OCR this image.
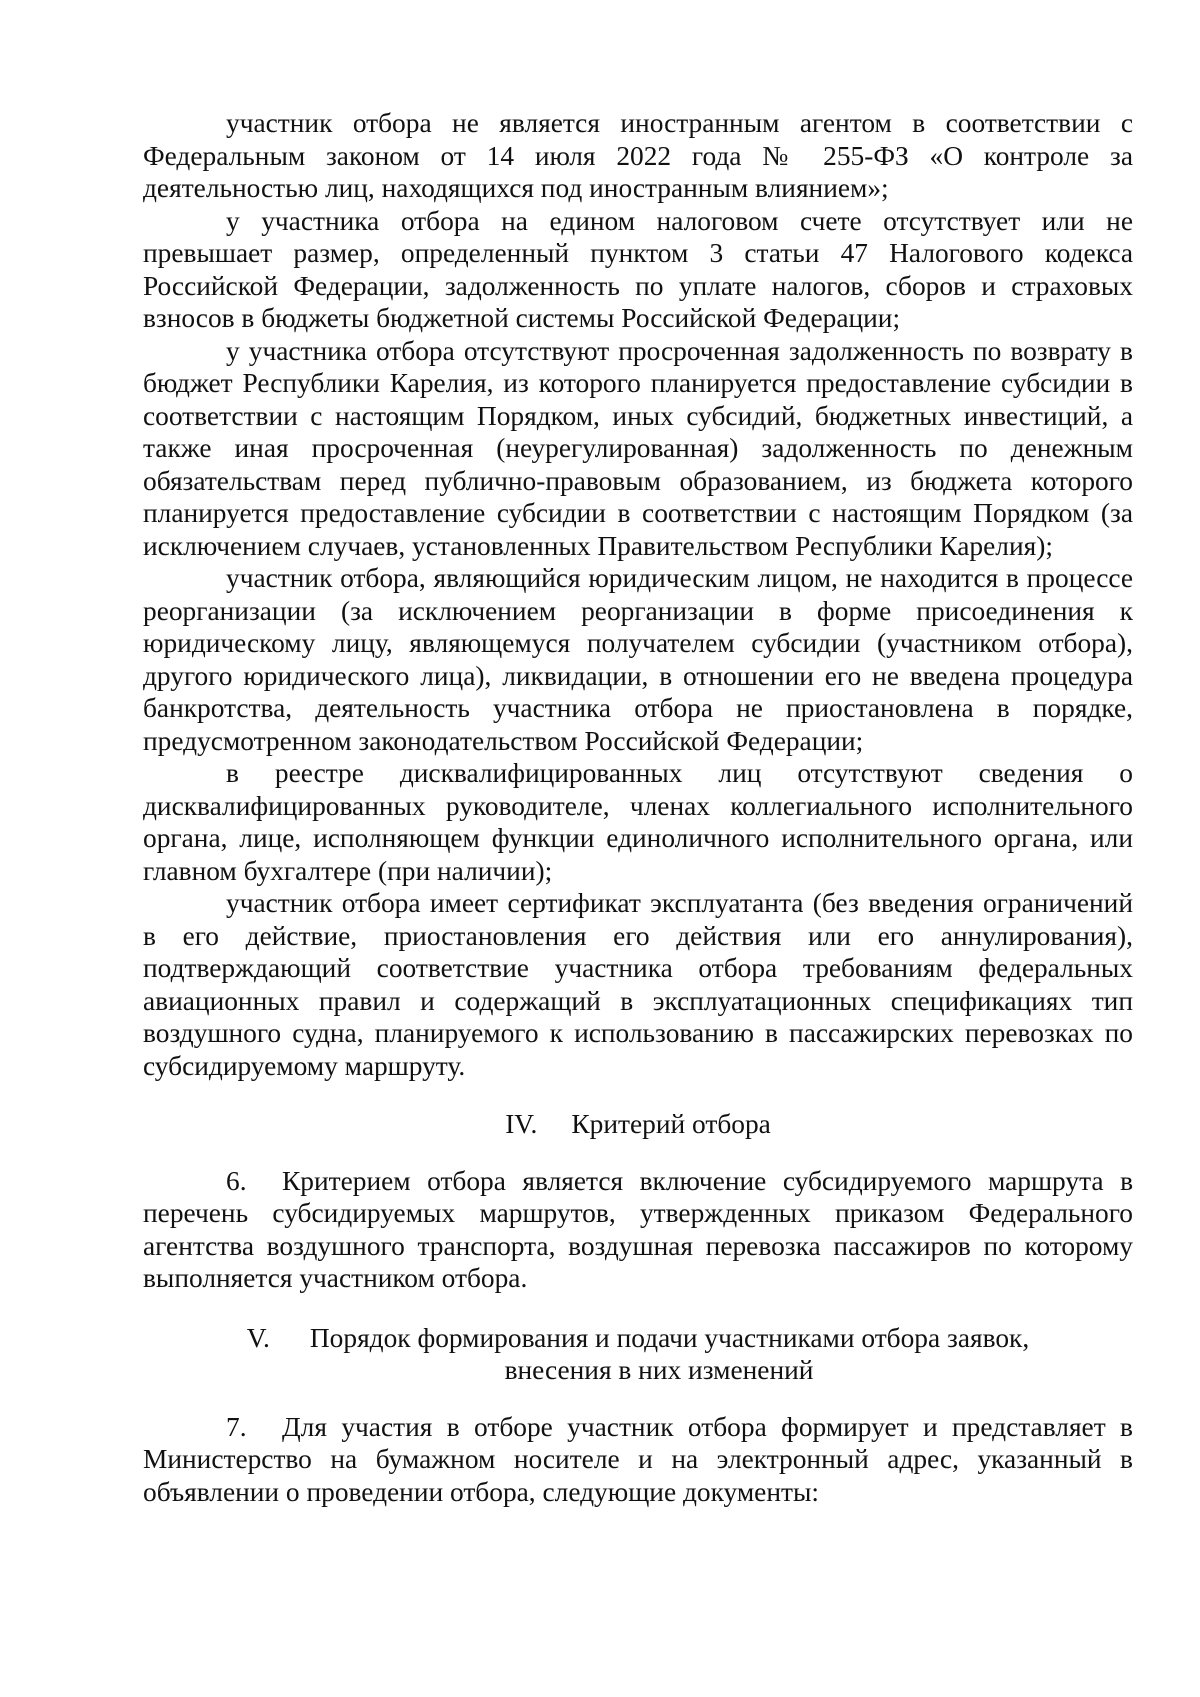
участник отбора не является иностранным агентом в соответствии с Федеральным законом от 14 июля 2022 года № 255-ФЗ «О контроле за деятельностью лиц, находящихся под иностранным влиянием»;

у участника отбора на едином налоговом счете отсутствует или не превышает размер, определенный пунктом 3 статьи 47 Налогового кодекса Российской Федерации, задолженность по уплате налогов, сборов и страховых взносов в бюджеты бюджетной системы Российской Федерации;

у участника отбора отсутствуют просроченная задолженность по возврату в бюджет Республики Карелия, из которого планируется предоставление субсидии в соответствии с настоящим Порядком, иных субсидий, бюджетных инвестиций, а также иная просроченная (неурегулированная) задолженность по денежным обязательствам перед публично-правовым образованием, из бюджета которого планируется предоставление субсидии в соответствии с настоящим Порядком (за исключением случаев, установленных Правительством Республики Карелия);

участник отбора, являющийся юридическим лицом, не находится в процессе реорганизации (за исключением реорганизации в форме присоединения к юридическому лицу, являющемуся получателем субсидии (участником отбора), другого юридического лица), ликвидации, в отношении его не введена процедура банкротства, деятельность участника отбора не приостановлена в порядке, предусмотренном законодательством Российской Федерации;

в реестре дисквалифицированных лиц отсутствуют сведения о дисквалифицированных руководителе, членах коллегиального исполнительного органа, лице, исполняющем функции единоличного исполнительного органа, или главном бухгалтере (при наличии);

участник отбора имеет сертификат эксплуатанта (без введения ограничений в его действие, приостановления его действия или его аннулирования), подтверждающий соответствие участника отбора требованиям федеральных авиационных правил и содержащий в эксплуатационных спецификациях тип воздушного судна, планируемого к использованию в пассажирских перевозках по субсидируемому маршруту.

IV. Критерий отбора

6. Критерием отбора является включение субсидируемого маршрута в перечень субсидируемых маршрутов, утвержденных приказом Федерального агентства воздушного транспорта, воздушная перевозка пассажиров по которому выполняется участником отбора.

V. Порядок формирования и подачи участниками отбора заявок,
внесения в них изменений

7. Для участия в отборе участник отбора формирует и представляет в Министерство на бумажном носителе и на электронный адрес, указанный в объявлении о проведении отбора, следующие документы:
